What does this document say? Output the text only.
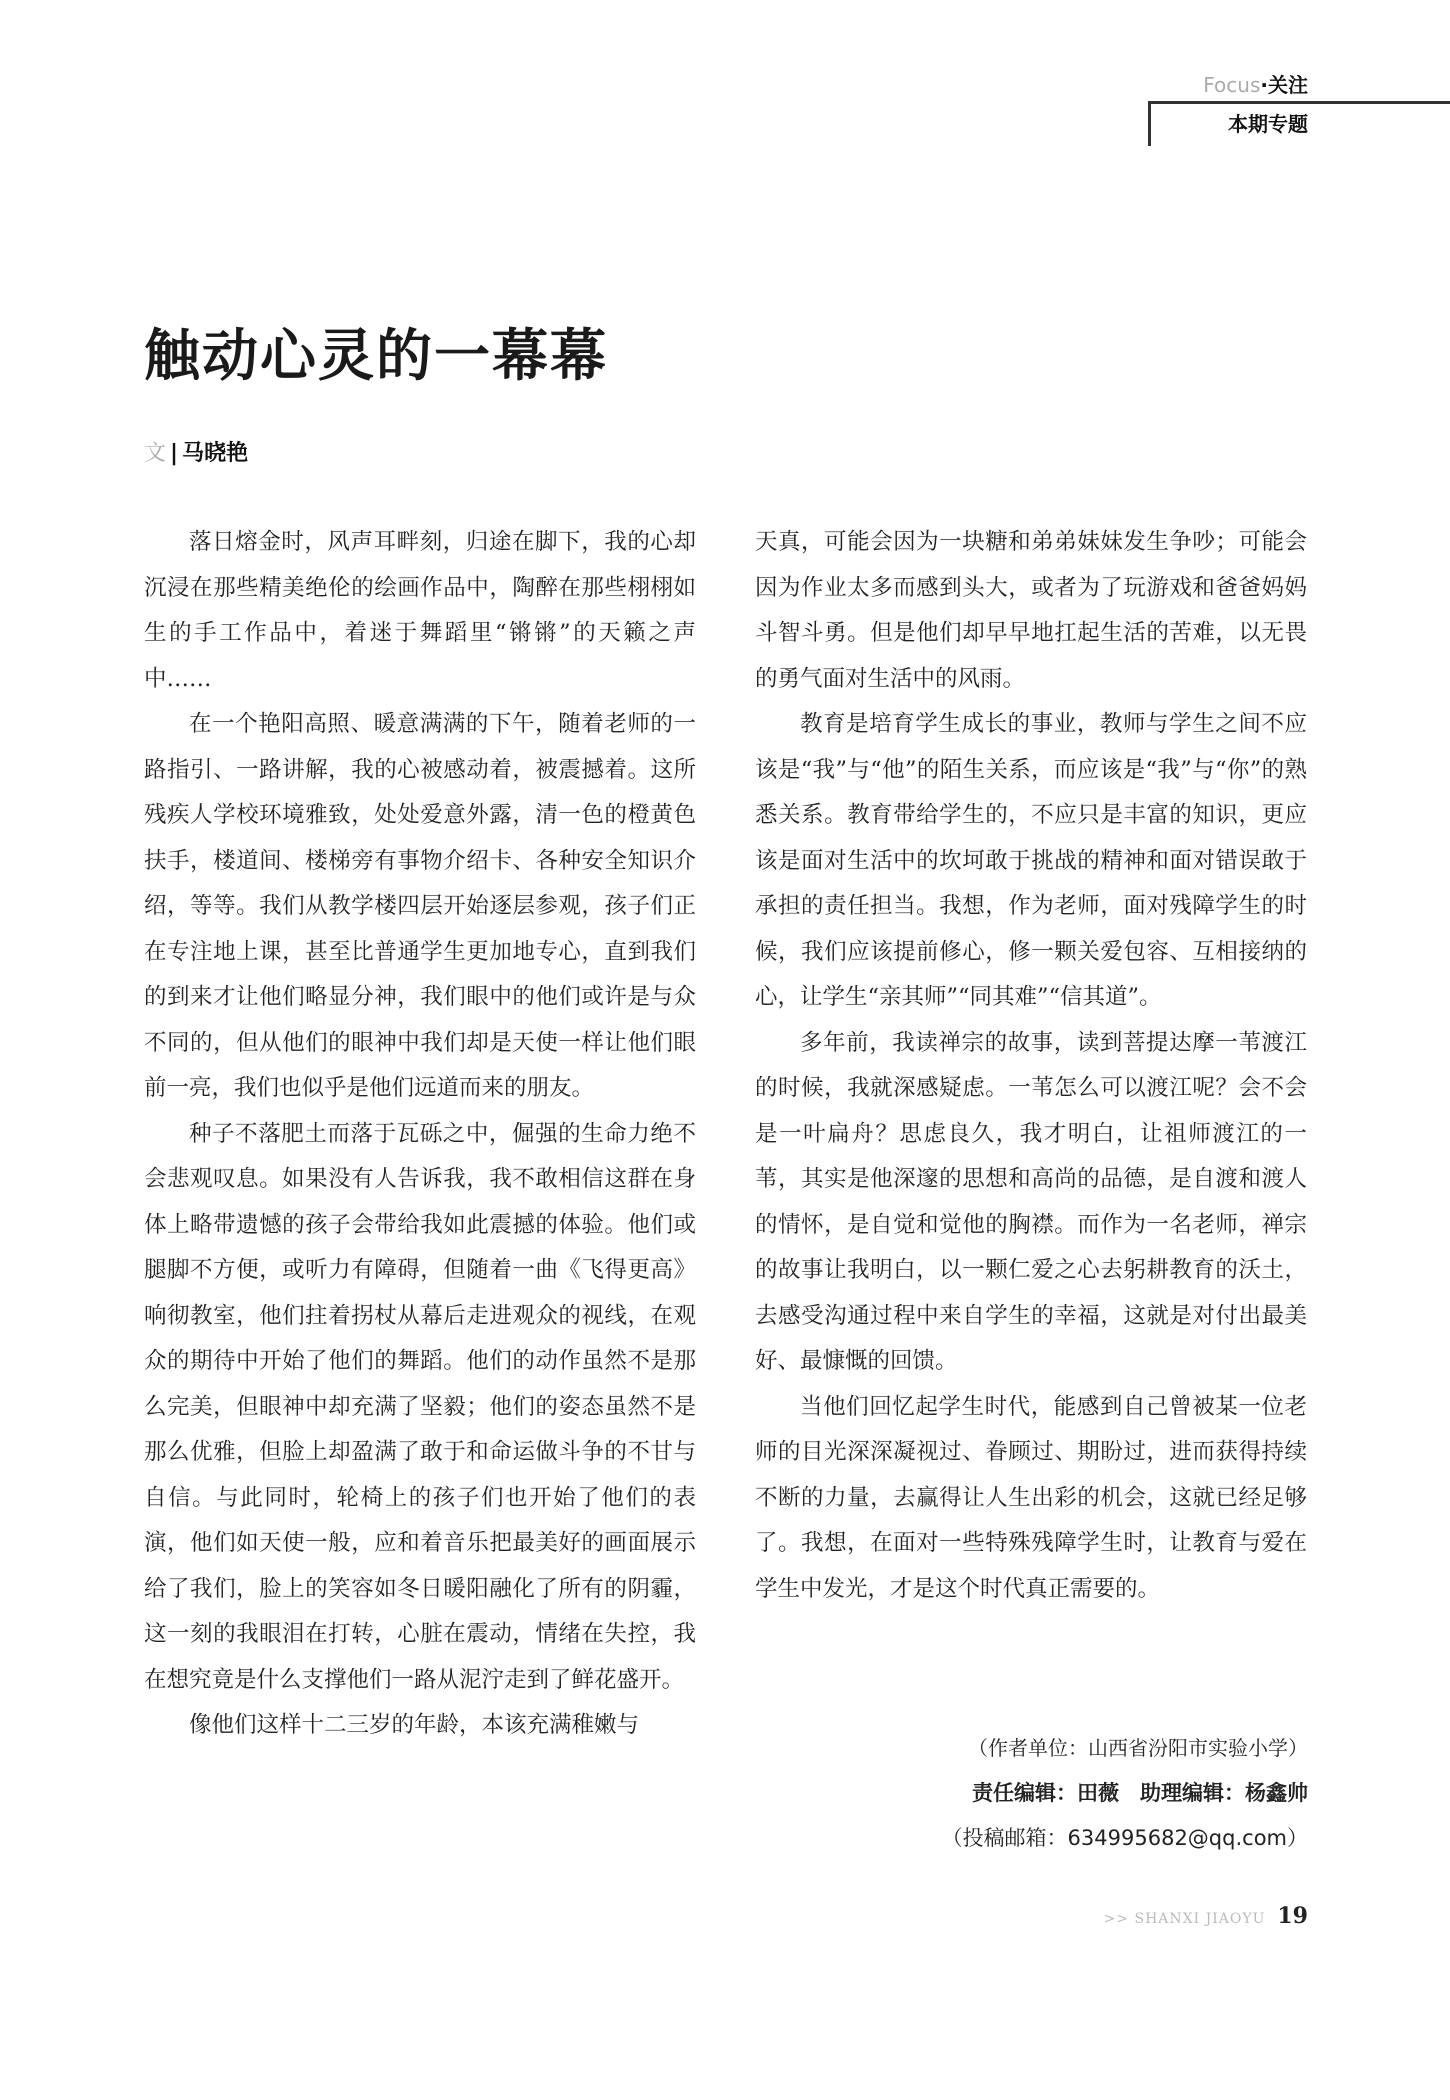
Focus·关注
本期专题
触动心灵的一幕幕
文 | 马晓艳

落日熔金时，风声耳畔刻，归途在脚下，我的心却沉浸在那些精美绝伦的绘画作品中，陶醉在那些栩栩如生的手工作品中，着迷于舞蹈里“锵锵”的天籁之声中……

在一个艳阳高照、暖意满满的下午，随着老师的一路指引、一路讲解，我的心被感动着，被震撼着。这所残疾人学校环境雅致，处处爱意外露，清一色的橙黄色扶手，楼道间、楼梯旁有事物介绍卡、各种安全知识介绍，等等。我们从教学楼四层开始逐层参观，孩子们正在专注地上课，甚至比普通学生更加地专心，直到我们的到来才让他们略显分神，我们眼中的他们或许是与众不同的，但从他们的眼神中我们却是天使一样让他们眼前一亮，我们也似乎是他们远道而来的朋友。

种子不落肥土而落于瓦砾之中，倔强的生命力绝不会悲观叹息。如果没有人告诉我，我不敢相信这群在身体上略带遗憾的孩子会带给我如此震撼的体验。他们或腿脚不方便，或听力有障碍，但随着一曲《飞得更高》响彻教室，他们拄着拐杖从幕后走进观众的视线，在观众的期待中开始了他们的舞蹈。他们的动作虽然不是那么完美，但眼神中却充满了坚毅；他们的姿态虽然不是那么优雅，但脸上却盈满了敢于和命运做斗争的不甘与自信。与此同时，轮椅上的孩子们也开始了他们的表演，他们如天使一般，应和着音乐把最美好的画面展示给了我们，脸上的笑容如冬日暖阳融化了所有的阴霾，这一刻的我眼泪在打转，心脏在震动，情绪在失控，我在想究竟是什么支撑他们一路从泥泞走到了鲜花盛开。

像他们这样十二三岁的年龄，本该充满稚嫩与

天真，可能会因为一块糖和弟弟妹妹发生争吵；可能会因为作业太多而感到头大，或者为了玩游戏和爸爸妈妈斗智斗勇。但是他们却早早地扛起生活的苦难，以无畏的勇气面对生活中的风雨。

教育是培育学生成长的事业，教师与学生之间不应该是“我”与“他”的陌生关系，而应该是“我”与“你”的熟悉关系。教育带给学生的，不应只是丰富的知识，更应该是面对生活中的坎坷敢于挑战的精神和面对错误敢于承担的责任担当。我想，作为老师，面对残障学生的时候，我们应该提前修心，修一颗关爱包容、互相接纳的心，让学生“亲其师”“同其难”“信其道”。

多年前，我读禅宗的故事，读到菩提达摩一苇渡江的时候，我就深感疑虑。一苇怎么可以渡江呢？会不会是一叶扁舟？思虑良久，我才明白，让祖师渡江的一苇，其实是他深邃的思想和高尚的品德，是自渡和渡人的情怀，是自觉和觉他的胸襟。而作为一名老师，禅宗的故事让我明白，以一颗仁爱之心去躬耕教育的沃土，去感受沟通过程中来自学生的幸福，这就是对付出最美好、最慷慨的回馈。

当他们回忆起学生时代，能感到自己曾被某一位老师的目光深深凝视过、眷顾过、期盼过，进而获得持续不断的力量，去赢得让人生出彩的机会，这就已经足够了。我想，在面对一些特殊残障学生时，让教育与爱在学生中发光，才是这个时代真正需要的。

（作者单位：山西省汾阳市实验小学）
责任编辑：田薇　助理编辑：杨鑫帅
（投稿邮箱：634995682@qq.com）
>> SHANXI JIAOYU 19
